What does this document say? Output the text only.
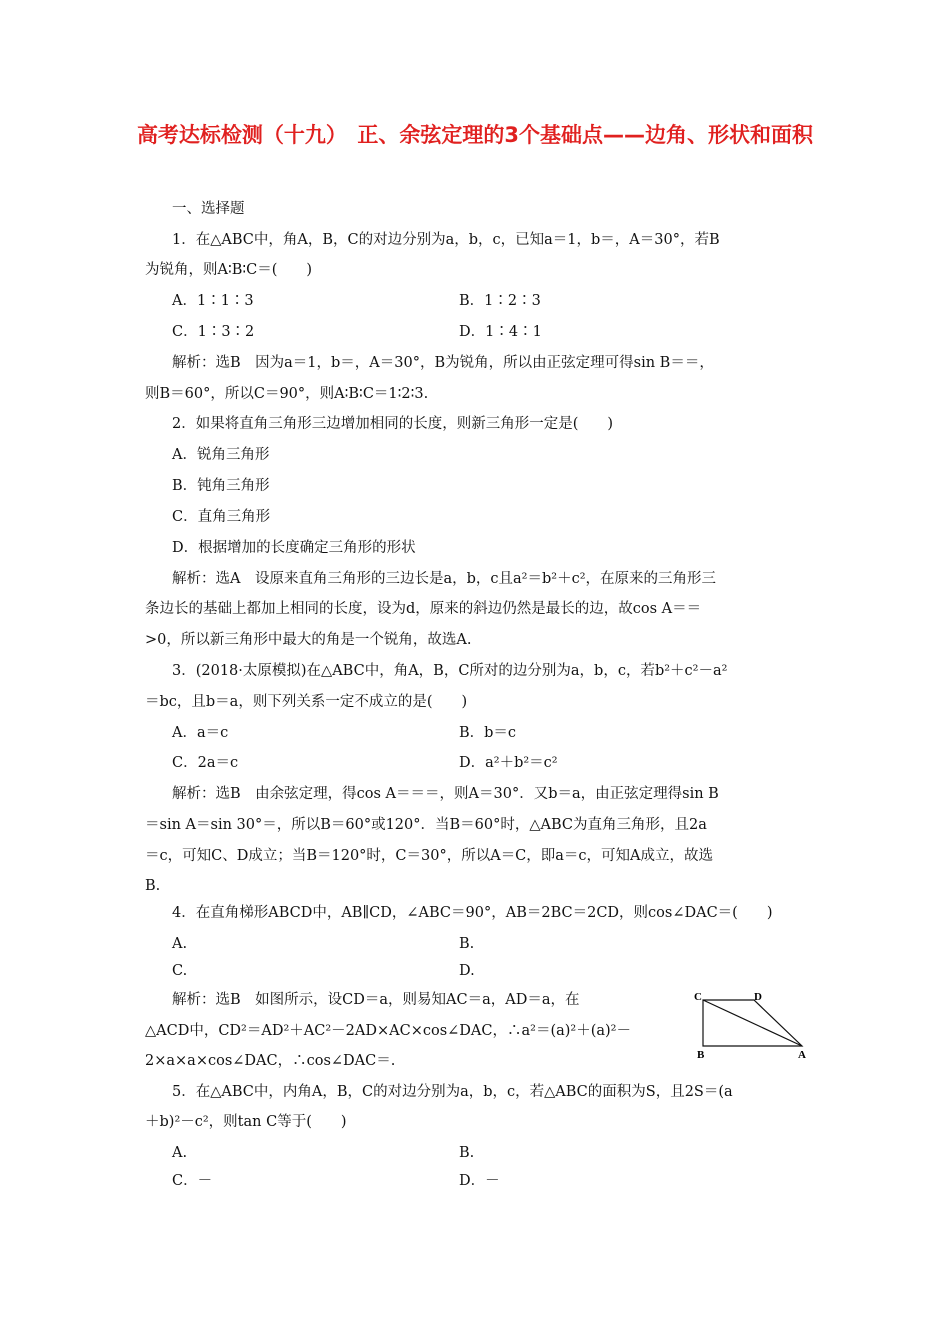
高考达标检测（十九）　正、余弦定理的3个基础点——边角、形状和面积
一、选择题
1．在△ABC中，角A，B，C的对边分别为a，b，c，已知a＝1，b＝，A＝30°，若B
为锐角，则A∶B∶C＝(　　)
A．1∶1∶3	B．1∶2∶3
C．1∶3∶2	D．1∶4∶1
解析：选B　因为a＝1，b＝，A＝30°，B为锐角，所以由正弦定理可得sin B＝＝，
则B＝60°，所以C＝90°，则A∶B∶C＝1∶2∶3.
2．如果将直角三角形三边增加相同的长度，则新三角形一定是(　　)
A．锐角三角形
B．钝角三角形
C．直角三角形
D．根据增加的长度确定三角形的形状
解析：选A　设原来直角三角形的三边长是a，b，c且a²＝b²＋c²，在原来的三角形三
条边长的基础上都加上相同的长度，设为d，原来的斜边仍然是最长的边，故cos A＝＝
>0，所以新三角形中最大的角是一个锐角，故选A.
3．(2018·太原模拟)在△ABC中，角A，B，C所对的边分别为a，b，c，若b²＋c²－a²
＝bc，且b＝a，则下列关系一定不成立的是(　　)
A．a＝c	B．b＝c
C．2a＝c	D．a²＋b²＝c²
解析：选B　由余弦定理，得cos A＝＝＝，则A＝30°．又b＝a，由正弦定理得sin B
＝sin A＝sin 30°＝，所以B＝60°或120°．当B＝60°时，△ABC为直角三角形，且2a
＝c，可知C、D成立；当B＝120°时，C＝30°，所以A＝C，即a＝c，可知A成立，故选
B.
4．在直角梯形ABCD中，AB∥CD，∠ABC＝90°，AB＝2BC＝2CD，则cos∠DAC＝(　　)
A.	B.
C.	D.
解析：选B　如图所示，设CD＝a，则易知AC＝a，AD＝a，在
△ACD中，CD²＝AD²＋AC²－2AD×AC×cos∠DAC，∴a²＝(a)²＋(a)²－
2×a×a×cos∠DAC，∴cos∠DAC＝.
C	D
B	A
5．在△ABC中，内角A，B，C的对边分别为a，b，c，若△ABC的面积为S，且2S＝(a
＋b)²－c²，则tan C等于(　　)
A.	B.
C．－	D．－
